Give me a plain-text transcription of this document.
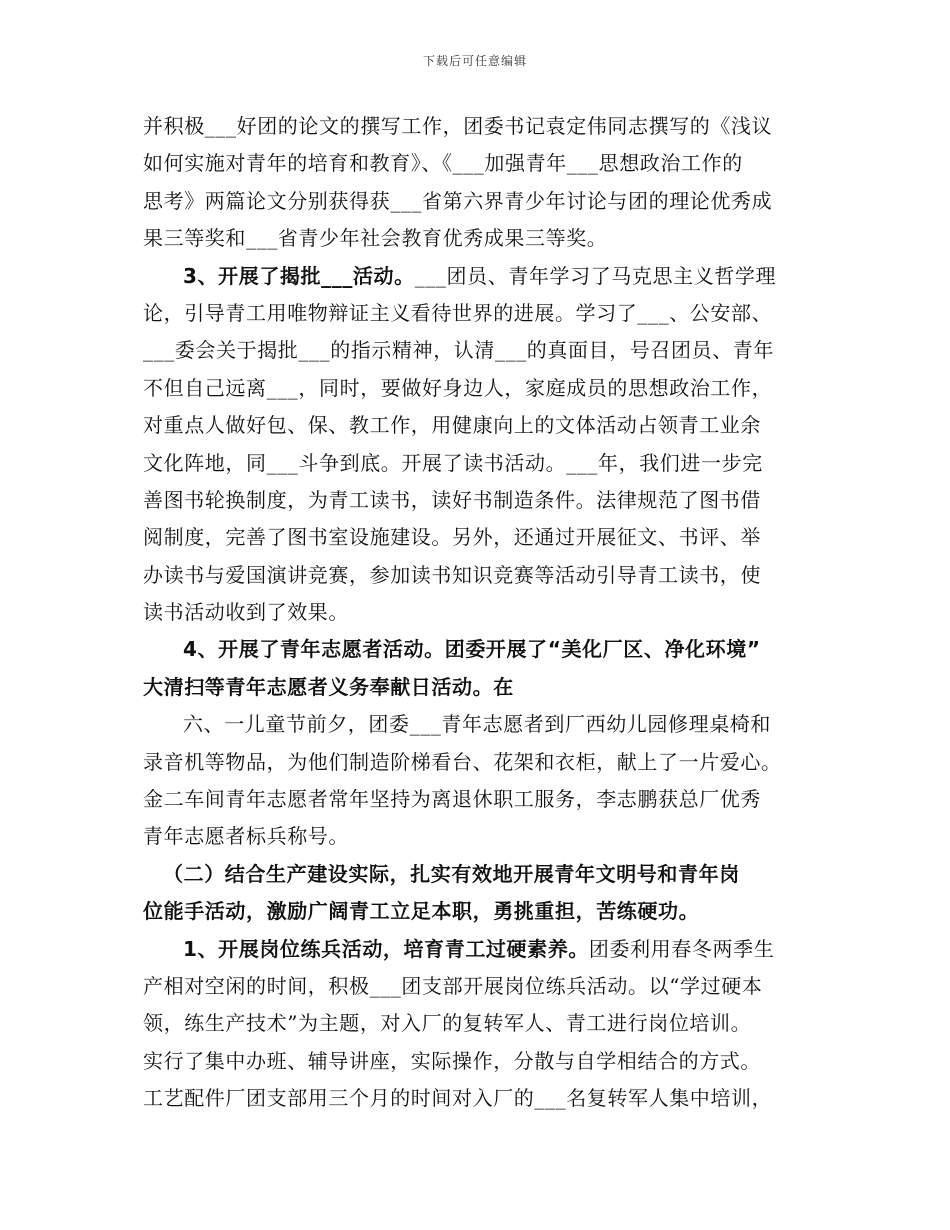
下载后可任意编辑
并积极___好团的论文的撰写工作，团委书记袁定伟同志撰写的《浅议
如何实施对青年的培育和教育》、《___加强青年___思想政治工作的
思考》两篇论文分别获得获___省第六界青少年讨论与团的理论优秀成
果三等奖和___省青少年社会教育优秀成果三等奖。
3、开展了揭批___活动。___团员、青年学习了马克思主义哲学理
论，引导青工用唯物辩证主义看待世界的进展。学习了___、公安部、
___委会关于揭批___的指示精神，认清___的真面目，号召团员、青年
不但自己远离___，同时，要做好身边人，家庭成员的思想政治工作，
对重点人做好包、保、教工作，用健康向上的文体活动占领青工业余
文化阵地，同___斗争到底。开展了读书活动。___年，我们进一步完
善图书轮换制度，为青工读书，读好书制造条件。法律规范了图书借
阅制度，完善了图书室设施建设。另外，还通过开展征文、书评、举
办读书与爱国演讲竞赛，参加读书知识竞赛等活动引导青工读书，使
读书活动收到了效果。
4、开展了青年志愿者活动。团委开展了“美化厂区、净化环境”
大清扫等青年志愿者义务奉献日活动。在
六、一儿童节前夕，团委___青年志愿者到厂西幼儿园修理桌椅和
录音机等物品，为他们制造阶梯看台、花架和衣柜，献上了一片爱心。
金二车间青年志愿者常年坚持为离退休职工服务，李志鹏获总厂优秀
青年志愿者标兵称号。
（二）结合生产建设实际，扎实有效地开展青年文明号和青年岗
位能手活动，激励广阔青工立足本职，勇挑重担，苦练硬功。
1、开展岗位练兵活动，培育青工过硬素养。团委利用春冬两季生
产相对空闲的时间，积极___团支部开展岗位练兵活动。以“学过硬本
领，练生产技术”为主题，对入厂的复转军人、青工进行岗位培训。
实行了集中办班、辅导讲座，实际操作，分散与自学相结合的方式。
工艺配件厂团支部用三个月的时间对入厂的___名复转军人集中培训，
